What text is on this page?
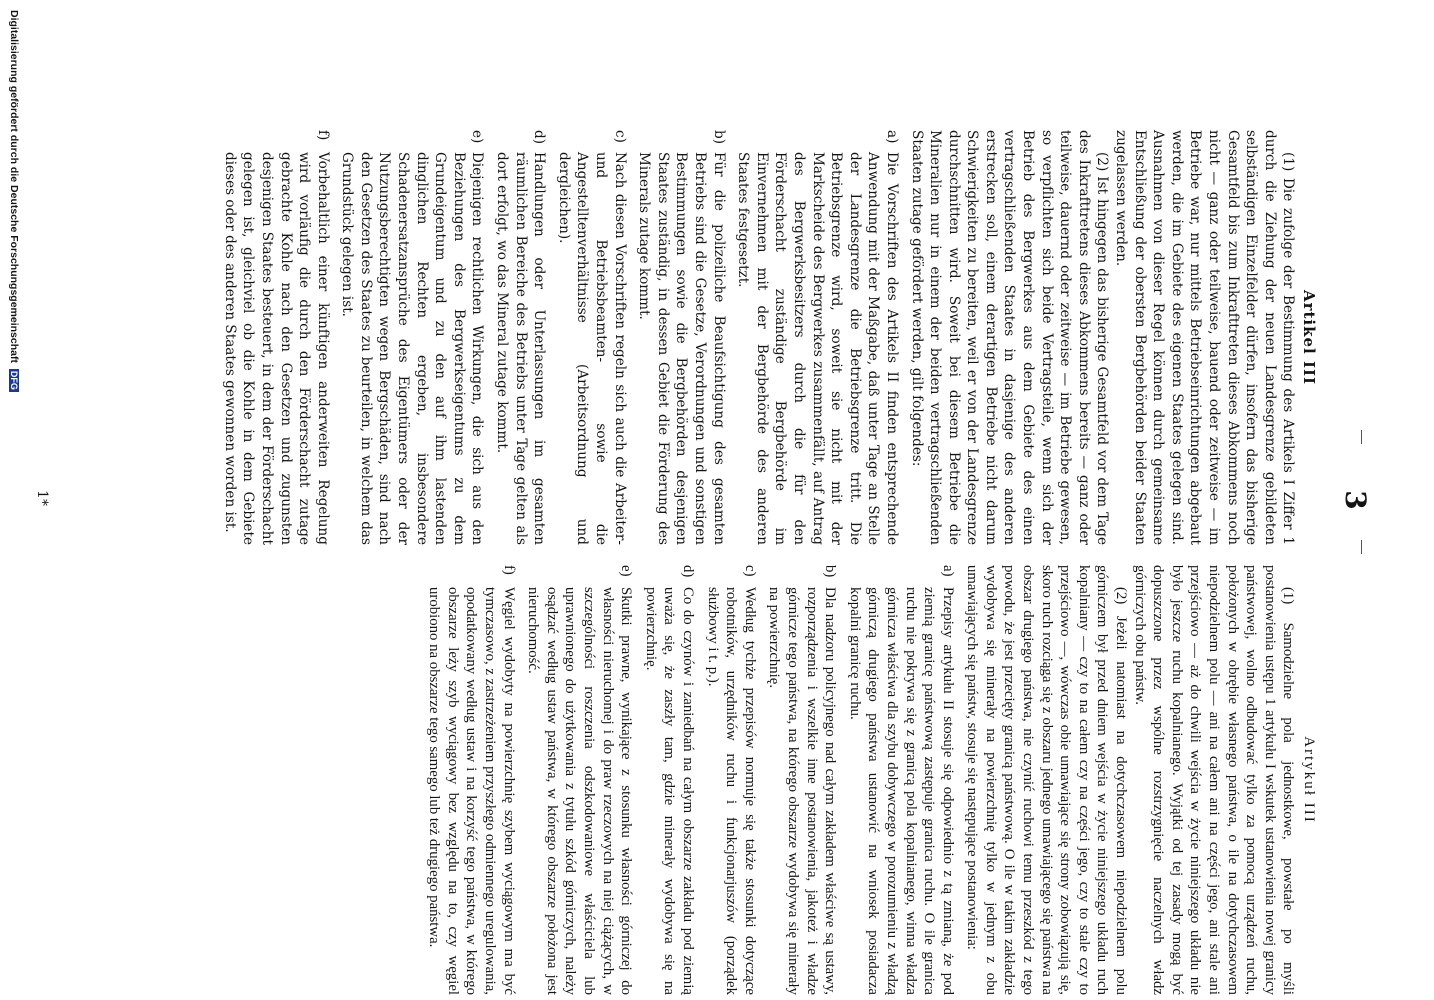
Digitalisierung gefördert durch die Deutsche Forschungsgemeinschaft DFG
3
Artikel III

(1) Die zufolge der Bestimmung des Artikels I Ziffer 1 durch die Ziehung der neuen Landesgrenze gebildeten selbständigen Einzelfelder dürfen, insofern das bisherige Gesamtfeld bis zum Inkrafttreten dieses Abkommens noch nicht — ganz oder teilweise, bauend oder zeitweise — im Betriebe war, nur mittels Betriebseinrichtungen abgebaut werden, die im Gebiete des eigenen Staates gelegen sind. Ausnahmen von dieser Regel können durch gemeinsame Entschließung der obersten Bergbehörden beider Staaten zugelassen werden.

(2) Ist hingegen das bisherige Gesamtfeld vor dem Tage des Inkrafttretens dieses Abkommens bereits — ganz oder teilweise, dauernd oder zeitweise — im Betriebe gewesen, so verpflichten sich beide Vertragsteile, wenn sich der Betrieb des Bergwerkes aus dem Gebiete des einen vertragschließenden Staates in dasjenige des anderen erstrecken soll, einem derartigen Betriebe nicht darum Schwierigkeiten zu bereiten, weil er von der Landesgrenze durchschnitten wird. Soweit bei diesem Betriebe die Mineralien nur in einem der beiden vertragschließenden Staaten zutage gefördert werden, gilt folgendes:

a)Die Vorschriften des Artikels II finden entsprechende Anwendung mit der Maßgabe, daß unter Tage an Stelle der Landesgrenze die Betriebsgrenze tritt. Die Betriebsgrenze wird, soweit sie nicht mit der Markscheide des Bergwerkes zusammenfällt, auf Antrag des Bergwerksbesitzers durch die für den Förderschacht zuständige Bergbehörde im Einvernehmen mit der Bergbehörde des anderen Staates festgesetzt.
b)Für die polizeiliche Beaufsichtigung des gesamten Betriebs sind die Gesetze, Verordnungen und sonstigen Bestimmungen sowie die Bergbehörden desjenigen Staates zuständig, in dessen Gebiet die Förderung des Minerals zutage kommt.
c)Nach diesen Vorschriften regeln sich auch die Arbeiter- und Betriebsbeamten- sowie die Angestelltenverhältnisse (Arbeitsordnung und dergleichen).
d)Handlungen oder Unterlassungen im gesamten räumlichen Bereiche des Betriebs unter Tage gelten als dort erfolgt, wo das Mineral zutage kommt.
e)Diejenigen rechtlichen Wirkungen, die sich aus den Beziehungen des Bergwerkseigentums zu dem Grundeigentum und zu den auf ihm lastenden dinglichen Rechten ergeben, insbesondere Schadenersatzansprüche des Eigentümers oder der Nutzungsberechtigten wegen Bergschäden, sind nach den Gesetzen des Staates zu beurteilen, in welchem das Grundstück gelegen ist.
f)Vorbehaltlich einer künftigen anderweiten Regelung wird vorläufig die durch den Förderschacht zutage gebrachte Kohle nach den Gesetzen und zugunsten desjenigen Staates besteuert, in dem der Förderschacht gelegen ist, gleichviel ob die Kohle in dem Gebiete dieses oder des anderen Staates gewonnen worden ist.
Artykuł III

(1) Samodzielne pola jednostkowe, powstałe po myśli postanowienia ustępu 1 artykułu I wskutek ustanowienia nowej granicy państwowej, wolno odbudować tylko za pomocą urządzeń ruchu, położonych w obrębie własnego państwa, o ile na dotychczasowem niepodzielnem polu — ani na całem ani na części jego, ani stale ani przejściowo — aż do chwili wejścia w życie niniejszego układu nie było jeszcze ruchu kopalnianego. Wyjątki od tej zasady mogą być dopuszczone przez wspólne rozstrzygnięcie naczelnych władz górniczych obu państw.

(2) Jeżeli natomiast na dotychczasowem niepodzielnem polu górniczem był przed dniem wejścia w życie niniejszego układu ruch kopalniany — czy to na całem czy na części jego, czy to stale czy to przejściowo —, wówczas obie umawiające się strony zobowiązują się, skoro ruch rozciąga się z obszaru jednego umawiającego się państwa na obszar drugiego państwa, nie czynić ruchowi temu przeszkód z tego powodu, że jest przecięty granicą państwową. O ile w takim zakładzie wydobywa się minerały na powierzchnię tylko w jednym z obu umawiających się państw, stosuje się następujące postanowienia:

a)Przepisy artykułu II stosuje się odpowiednio z tą zmianą, że pod ziemią granicę państwową zastępuje granica ruchu. O ile granica ruchu nie pokrywa się z granicą pola kopalnianego, winna władza górnicza właściwa dla szybu dobywczego w porozumieniu z władzą górniczą drugiego państwa ustanowić na wniosek posiadacza kopalni granicę ruchu.
b)Dla nadzoru policyjnego nad całym zakładem właściwe są ustawy, rozporządzenia i wszelkie inne postanowienia, jakoteż i władze górnicze tego państwa, na którego obszarze wydobywa się minerały na powierzchnię.
c)Według tychże przepisów normuje się także stosunki dotyczące robotników, urzędników ruchu i funkcjonarjuszów (porządek służbowy i t. p.).
d)Co do czynów i zaniedbań na całym obszarze zakładu pod ziemią uważa się, że zaszły tam, gdzie minerały wydobywa się na powierzchnię.
e)Skutki prawne, wynikające z stosunku własności górniczej do własności nieruchomej i do praw rzeczowych na niej ciążących, w szczególności roszczenia odszkodowaniowe właściciela lub uprawnionego do użytkowania z tytułu szkód górniczych, należy osądzać według ustaw państwa, w którego obszarze położona jest nieruchomość.
f)Węgiel wydobyty na powierzchnię szybem wyciągowym ma być tymczasowo, z zastrzeżeniem przyszłego odmiennego uregulowania, opodatkowany według ustaw i na korzyść tego państwa, w którego obszarze leży szyb wyciągowy bez względu na to, czy węgiel urobiono na obszarze tego samego lub też drugiego państwa.
1*
